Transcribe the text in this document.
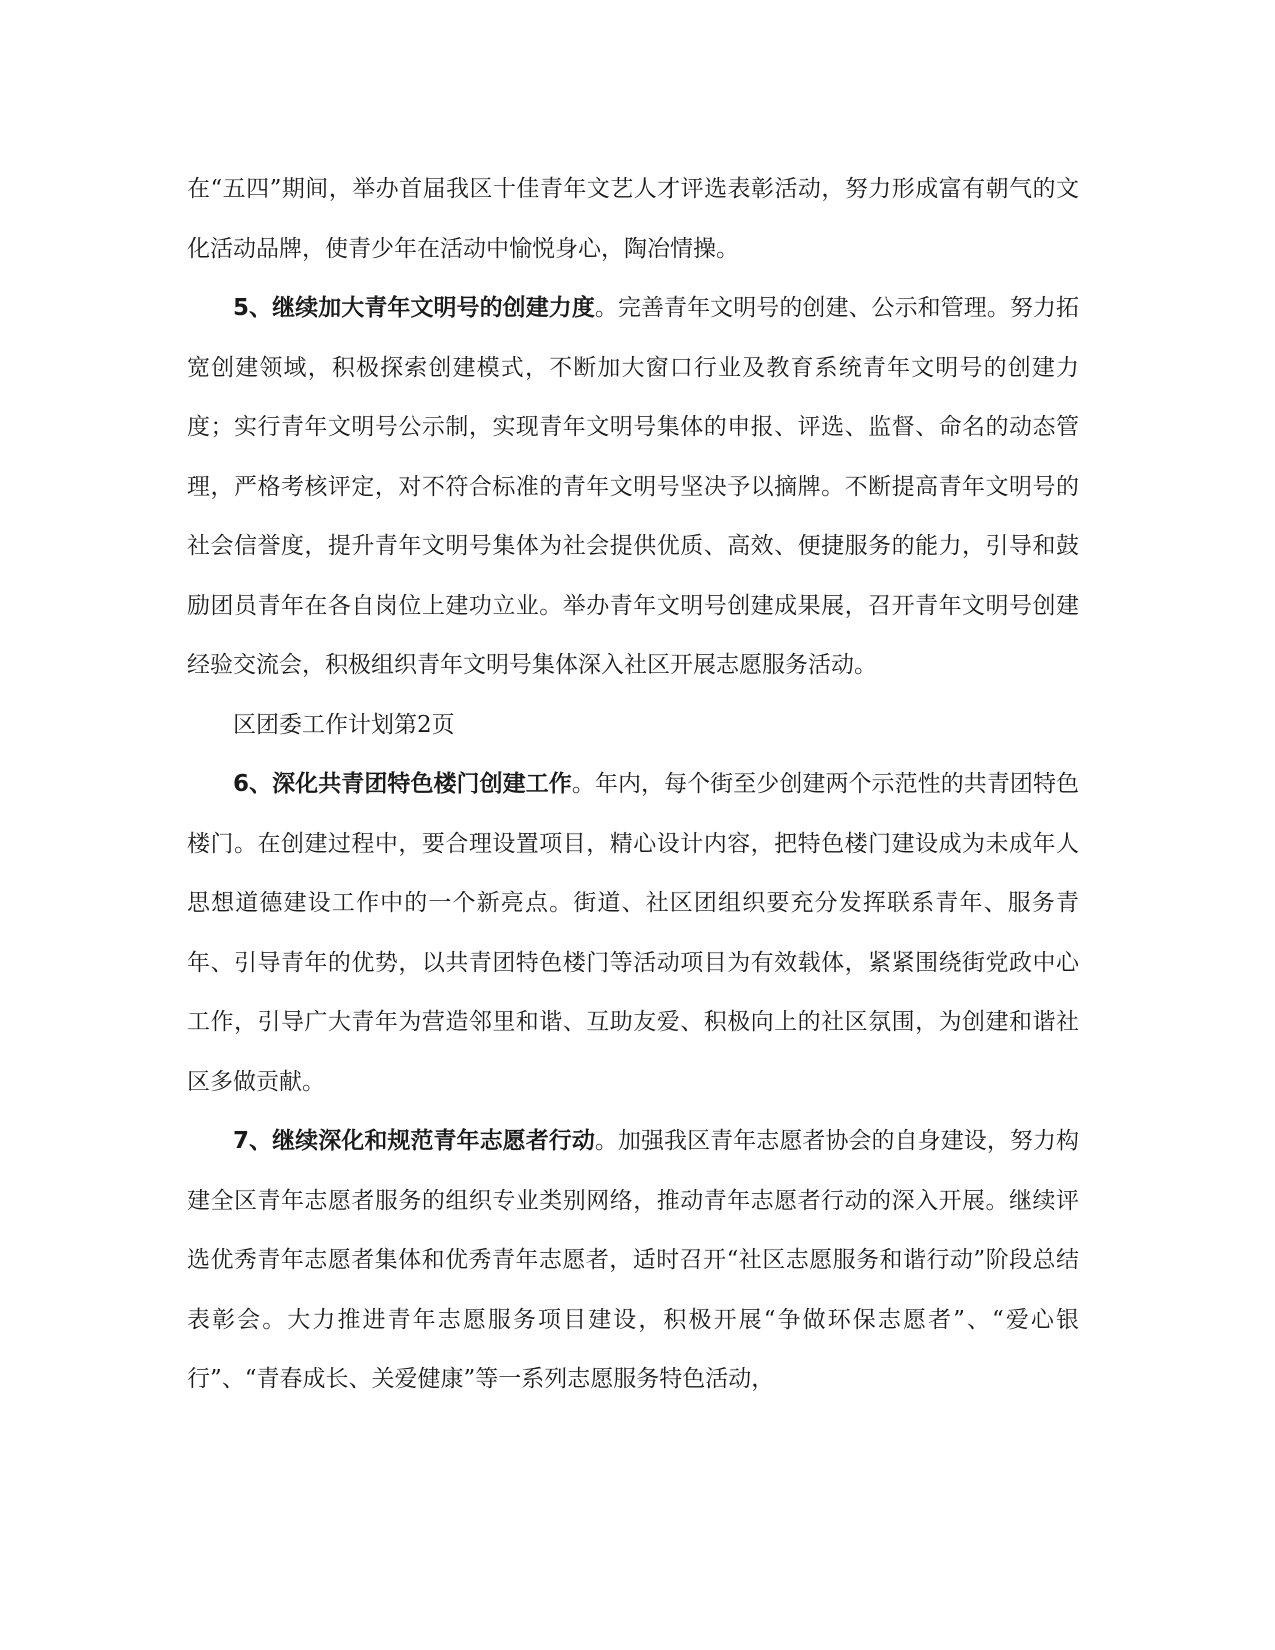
在“五四”期间，举办首届我区十佳青年文艺人才评选表彰活动，努力形成富有朝气的文化活动品牌，使青少年在活动中愉悦身心，陶冶情操。

5、继续加大青年文明号的创建力度。完善青年文明号的创建、公示和管理。努力拓宽创建领域，积极探索创建模式，不断加大窗口行业及教育系统青年文明号的创建力度；实行青年文明号公示制，实现青年文明号集体的申报、评选、监督、命名的动态管理，严格考核评定，对不符合标准的青年文明号坚决予以摘牌。不断提高青年文明号的社会信誉度，提升青年文明号集体为社会提供优质、高效、便捷服务的能力，引导和鼓励团员青年在各自岗位上建功立业。举办青年文明号创建成果展，召开青年文明号创建经验交流会，积极组织青年文明号集体深入社区开展志愿服务活动。

区团委工作计划第2页

6、深化共青团特色楼门创建工作。年内，每个街至少创建两个示范性的共青团特色楼门。在创建过程中，要合理设置项目，精心设计内容，把特色楼门建设成为未成年人思想道德建设工作中的一个新亮点。街道、社区团组织要充分发挥联系青年、服务青年、引导青年的优势，以共青团特色楼门等活动项目为有效载体，紧紧围绕街党政中心工作，引导广大青年为营造邻里和谐、互助友爱、积极向上的社区氛围，为创建和谐社区多做贡献。

7、继续深化和规范青年志愿者行动。加强我区青年志愿者协会的自身建设，努力构建全区青年志愿者服务的组织专业类别网络，推动青年志愿者行动的深入开展。继续评选优秀青年志愿者集体和优秀青年志愿者，适时召开“社区志愿服务和谐行动”阶段总结表彰会。大力推进青年志愿服务项目建设，积极开展“争做环保志愿者”、“爱心银行”、“青春成长、关爱健康”等一系列志愿服务特色活动，
